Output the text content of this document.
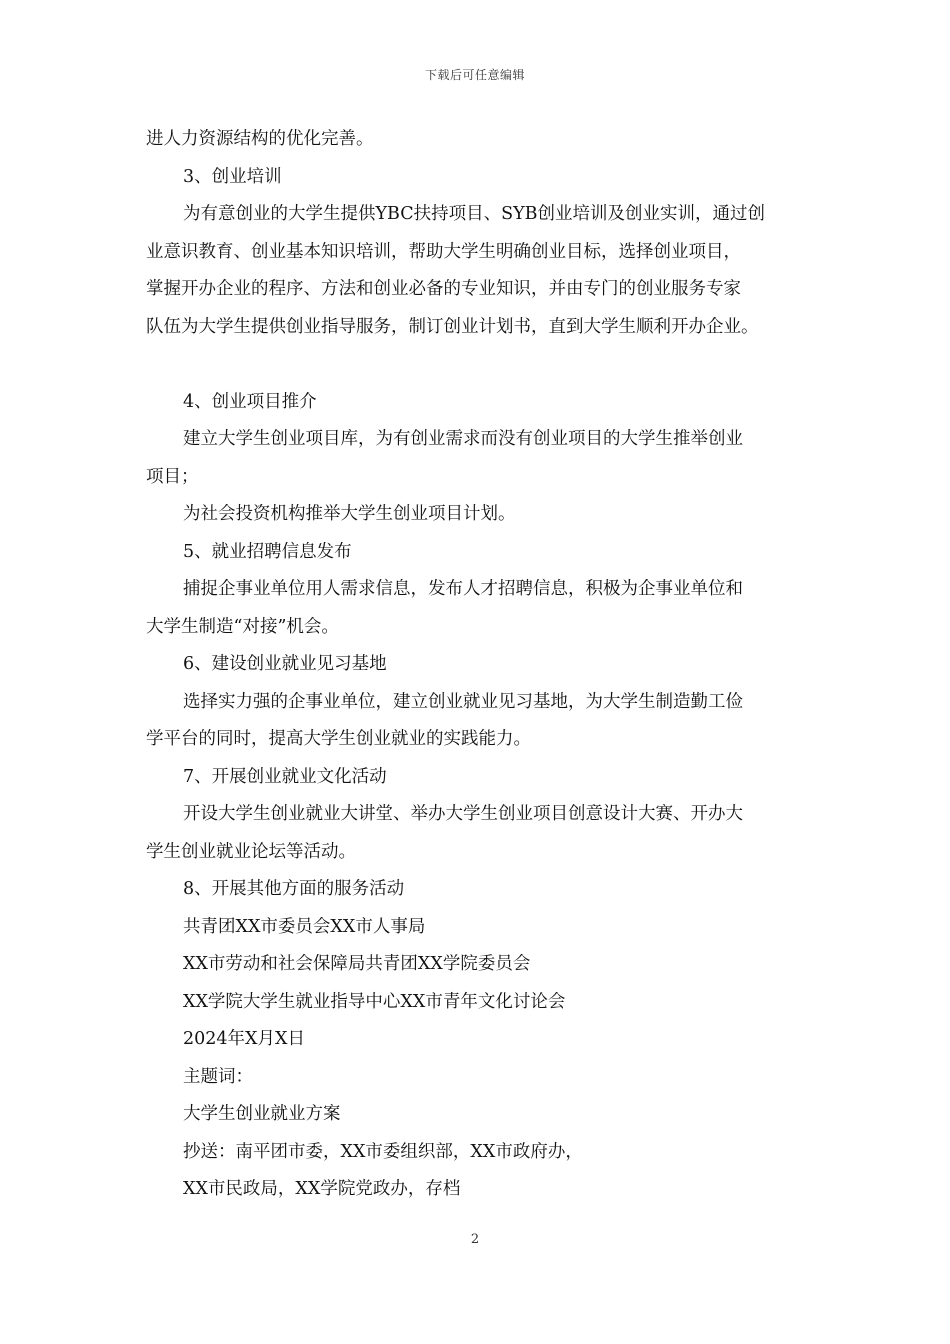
下载后可任意编辑
进人力资源结构的优化完善。
3、创业培训
为有意创业的大学生提供YBC扶持项目、SYB创业培训及创业实训，通过创
业意识教育、创业基本知识培训，帮助大学生明确创业目标，选择创业项目，
掌握开办企业的程序、方法和创业必备的专业知识，并由专门的创业服务专家
队伍为大学生提供创业指导服务，制订创业计划书，直到大学生顺利开办企业。
4、创业项目推介
建立大学生创业项目库，为有创业需求而没有创业项目的大学生推举创业
项目；
为社会投资机构推举大学生创业项目计划。
5、就业招聘信息发布
捕捉企事业单位用人需求信息，发布人才招聘信息，积极为企事业单位和
大学生制造“对接”机会。
6、建设创业就业见习基地
选择实力强的企事业单位，建立创业就业见习基地，为大学生制造勤工俭
学平台的同时，提高大学生创业就业的实践能力。
7、开展创业就业文化活动
开设大学生创业就业大讲堂、举办大学生创业项目创意设计大赛、开办大
学生创业就业论坛等活动。
8、开展其他方面的服务活动
共青团XX市委员会XX市人事局
XX市劳动和社会保障局共青团XX学院委员会
XX学院大学生就业指导中心XX市青年文化讨论会
2024年X月X日
主题词：
大学生创业就业方案
抄送：南平团市委，XX市委组织部，XX市政府办，
XX市民政局，XX学院党政办，存档
2
